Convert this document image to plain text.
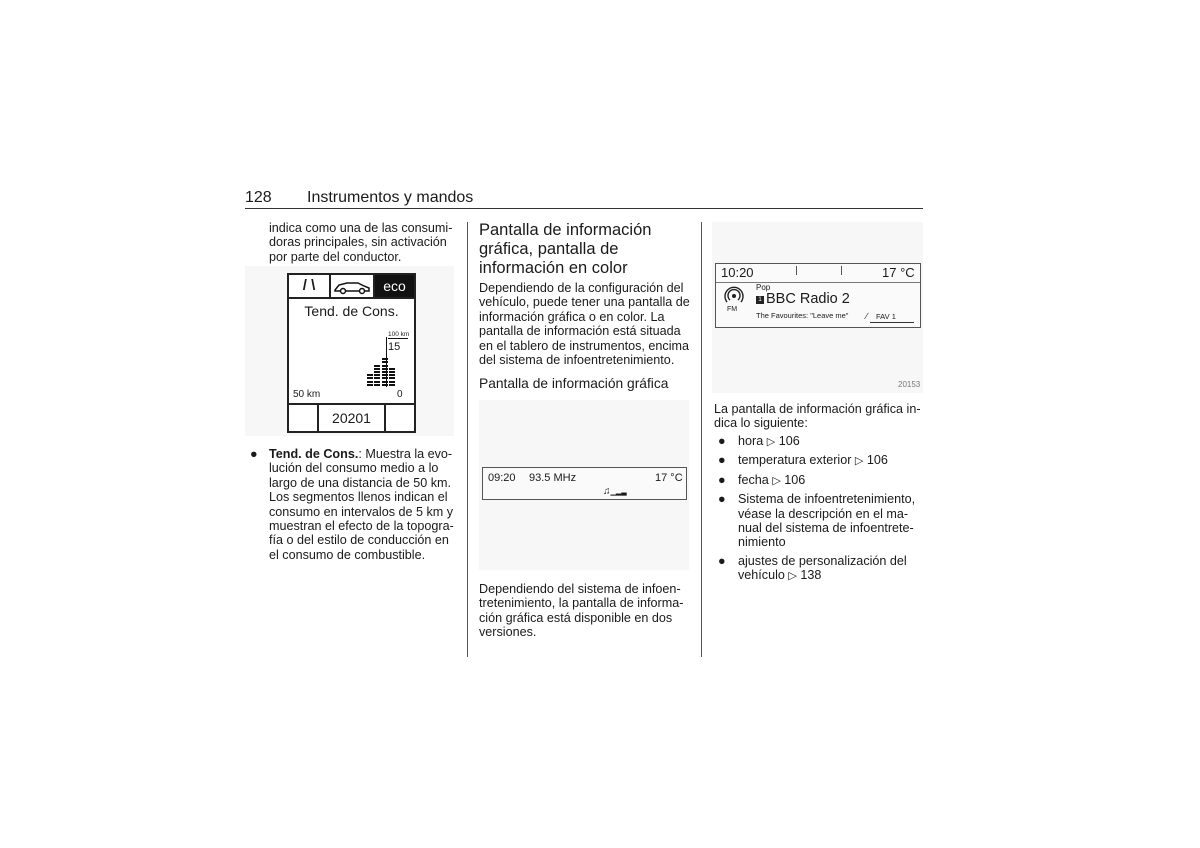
128 Instrumentos y mandos
indica como una de las consumi-
doras principales, sin activación
por parte del conductor.
/ \	eco
Tend. de Cons.
100 km
15
50 km	0
20201
● Tend. de Cons.: Muestra la evo-
lución del consumo medio a lo
largo de una distancia de 50 km.
Los segmentos llenos indican el
consumo en intervalos de 5 km y
muestran el efecto de la topogra-
fía o del estilo de conducción en
el consumo de combustible.
Pantalla de información
gráfica, pantalla de
información en color
Dependiendo de la configuración del
vehículo, puede tener una pantalla de
información gráfica o en color. La
pantalla de información está situada
en el tablero de instrumentos, encima
del sistema de infoentretenimiento.
Pantalla de información gráfica
09:20 93.5 MHz	17 °C
♫▁▂▃
Dependiendo del sistema de infoen-
tretenimiento, la pantalla de informa-
ción gráfica está disponible en dos
versiones.
10:20	17 °C
FM
Pop
1 BBC Radio 2
The Favourites: "Leave me" ∕ FAV 1
20153
La pantalla de información gráfica in-
dica lo siguiente:
● hora ▷ 106
● temperatura exterior ▷ 106
● fecha ▷ 106
● Sistema de infoentretenimiento,
véase la descripción en el ma-
nual del sistema de infoentrete-
nimiento
● ajustes de personalización del
vehículo ▷ 138
